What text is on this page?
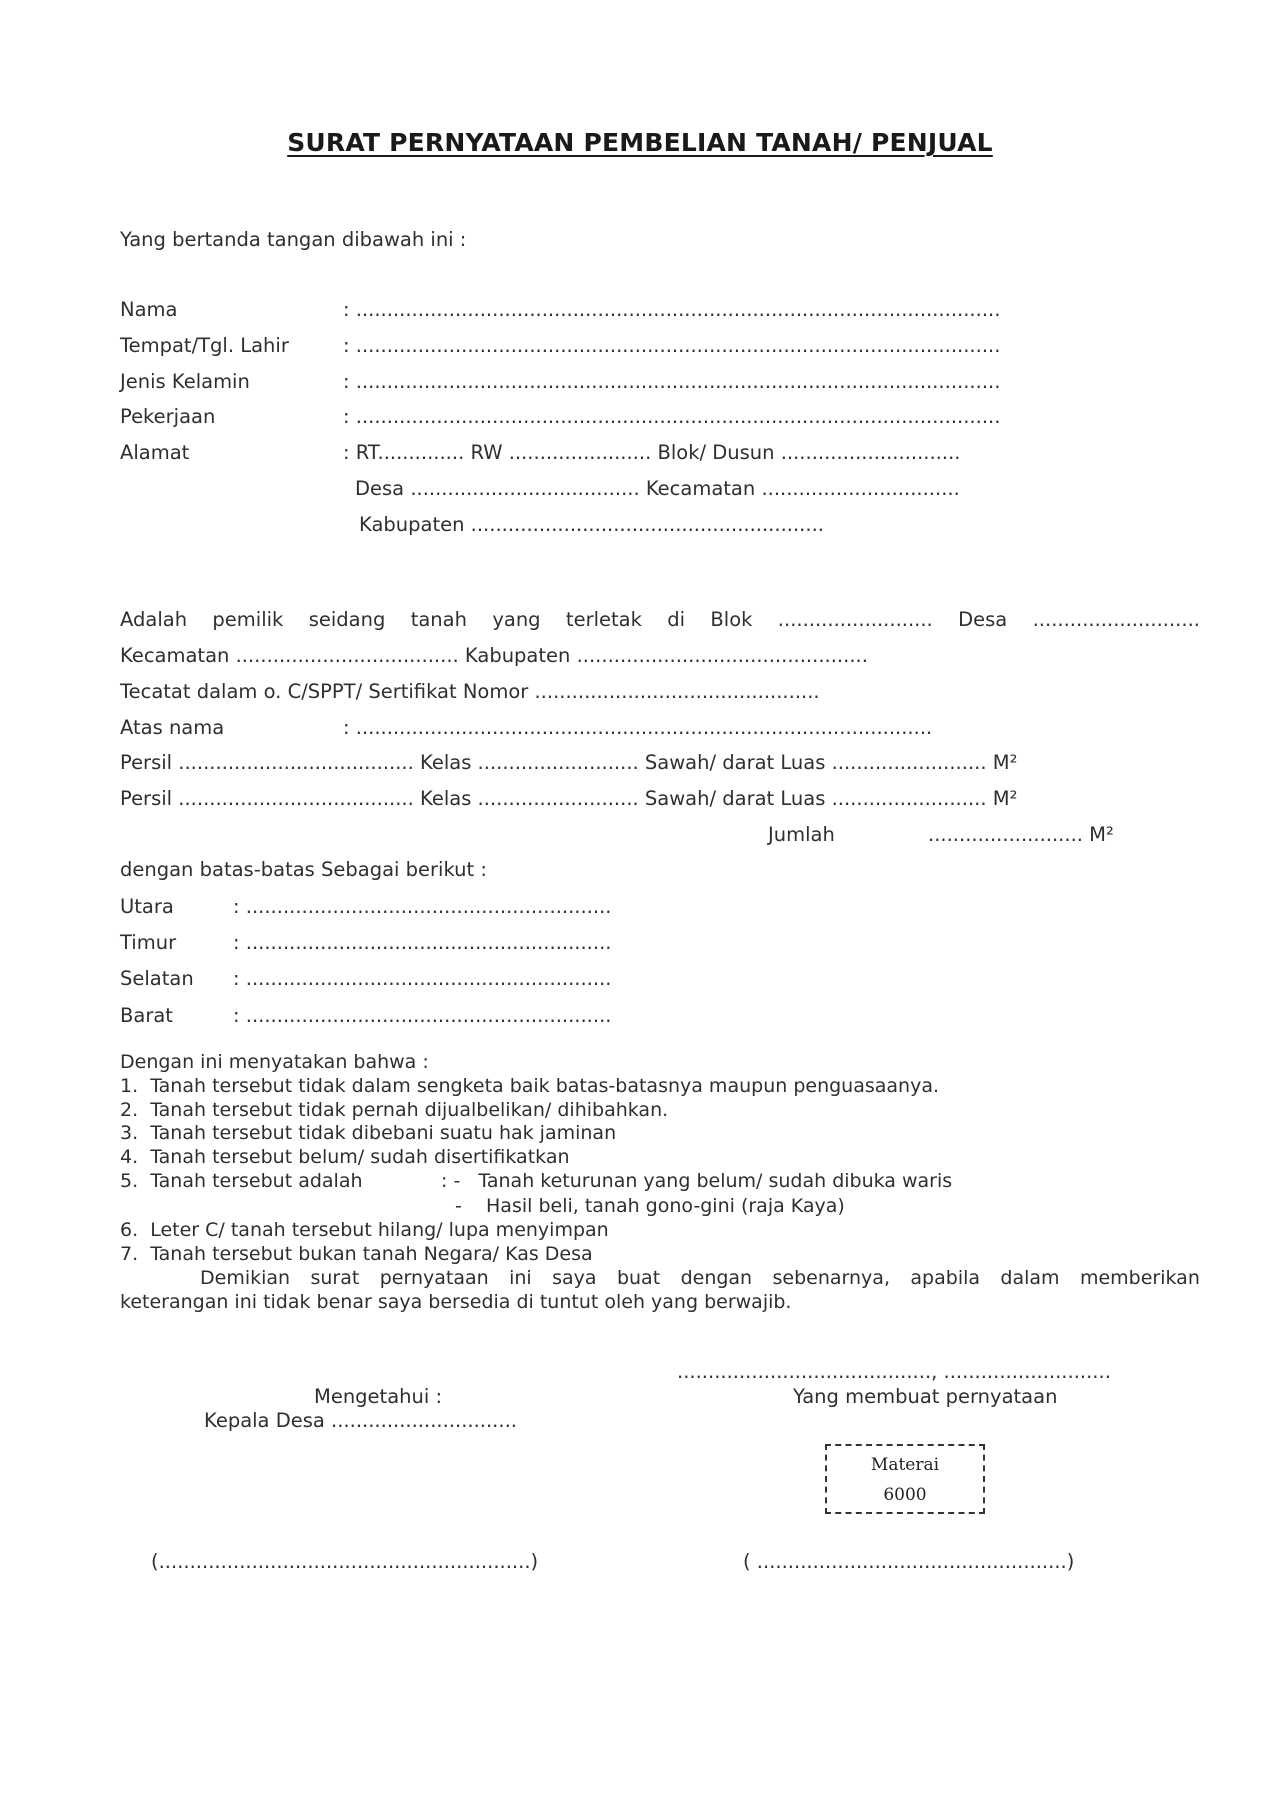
SURAT PERNYATAAN PEMBELIAN TANAH/ PENJUAL
Yang bertanda tangan dibawah ini :
Nama	: ........................................................................................................
Tempat/Tgl. Lahir	: ........................................................................................................
Jenis Kelamin	: ........................................................................................................
Pekerjaan	: ........................................................................................................
Alamat	: RT.............. RW ....................... Blok/ Dusun .............................
Desa ..................................... Kecamatan ................................
Kabupaten .........................................................
Adalah pemilik seidang tanah yang terletak di Blok ......................... Desa ...........................
Kecamatan .................................... Kabupaten ...............................................
Tecatat dalam o. C/SPPT/ Sertifikat Nomor ..............................................
Atas nama	: .............................................................................................
Persil ...................................... Kelas .......................... Sawah/ darat Luas ......................... M²
Persil ...................................... Kelas .......................... Sawah/ darat Luas ......................... M²
Jumlah	......................... M²
dengan batas-batas Sebagai berikut :
Utara	: ...........................................................
Timur	: ...........................................................
Selatan : ...........................................................
Barat	: ...........................................................
Dengan ini menyatakan bahwa :
1.  Tanah tersebut tidak dalam sengketa baik batas-batasnya maupun penguasaanya.
2.  Tanah tersebut tidak pernah dijualbelikan/ dihibahkan.
3.  Tanah tersebut tidak dibebani suatu hak jaminan
4.  Tanah tersebut belum/ sudah disertifikatkan
5.  Tanah tersebut adalah	: -   Tanah keturunan yang belum/ sudah dibuka waris
-    Hasil beli, tanah gono-gini (raja Kaya)
6.  Leter C/ tanah tersebut hilang/ lupa menyimpan
7.  Tanah tersebut bukan tanah Negara/ Kas Desa
Demikian surat pernyataan ini saya buat dengan sebenarnya, apabila dalam memberikan
keterangan ini tidak benar saya bersedia di tuntut oleh yang berwajib.
........................................., ...........................
Mengetahui :
Kepala Desa ..............................
Yang membuat pernyataan
Materai
6000
(............................................................)	( ..................................................)
